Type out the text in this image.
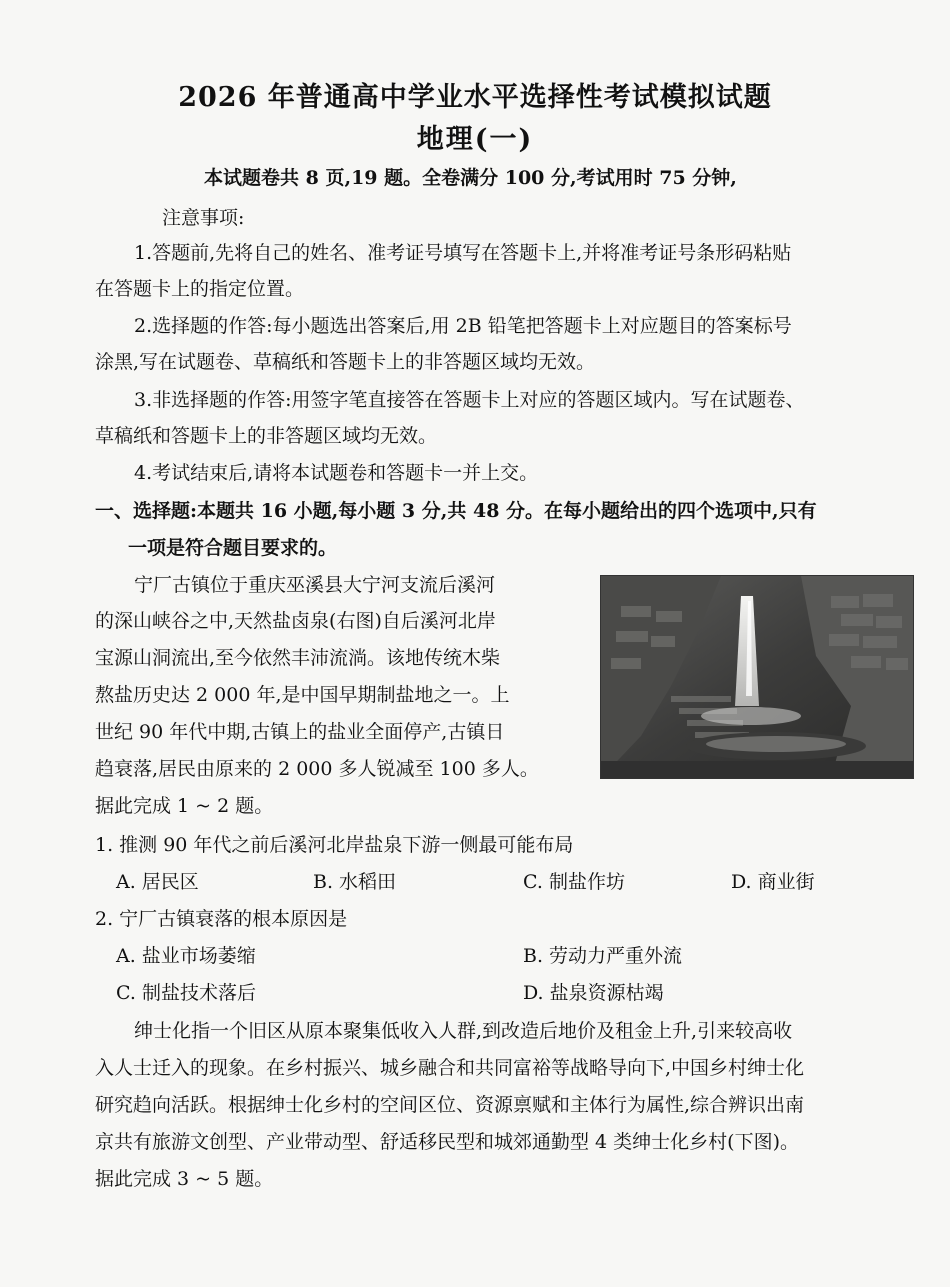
2026 年普通高中学业水平选择性考试模拟试题
地理(一)
本试题卷共 8 页,19 题。全卷满分 100 分,考试用时 75 分钟,
注意事项:
1.答题前,先将自己的姓名、准考证号填写在答题卡上,并将准考证号条形码粘贴
在答题卡上的指定位置。
2.选择题的作答:每小题选出答案后,用 2B 铅笔把答题卡上对应题目的答案标号
涂黑,写在试题卷、草稿纸和答题卡上的非答题区域均无效。
3.非选择题的作答:用签字笔直接答在答题卡上对应的答题区域内。写在试题卷、
草稿纸和答题卡上的非答题区域均无效。
4.考试结束后,请将本试题卷和答题卡一并上交。
一、选择题:本题共 16 小题,每小题 3 分,共 48 分。在每小题给出的四个选项中,只有
一项是符合题目要求的。
宁厂古镇位于重庆巫溪县大宁河支流后溪河
的深山峡谷之中,天然盐卤泉(右图)自后溪河北岸
宝源山洞流出,至今依然丰沛流淌。该地传统木柴
熬盐历史达 2 000 年,是中国早期制盐地之一。上
世纪 90 年代中期,古镇上的盐业全面停产,古镇日
趋衰落,居民由原来的 2 000 多人锐减至 100 多人。
据此完成 1 ~ 2 题。
1. 推测 90 年代之前后溪河北岸盐泉下游一侧最可能布局
A. 居民区	B. 水稻田	C. 制盐作坊	D. 商业街
2. 宁厂古镇衰落的根本原因是
A. 盐业市场萎缩	B. 劳动力严重外流
C. 制盐技术落后	D. 盐泉资源枯竭
绅士化指一个旧区从原本聚集低收入人群,到改造后地价及租金上升,引来较高收
入人士迁入的现象。在乡村振兴、城乡融合和共同富裕等战略导向下,中国乡村绅士化
研究趋向活跃。根据绅士化乡村的空间区位、资源禀赋和主体行为属性,综合辨识出南
京共有旅游文创型、产业带动型、舒适移民型和城郊通勤型 4 类绅士化乡村(下图)。
据此完成 3 ~ 5 题。
